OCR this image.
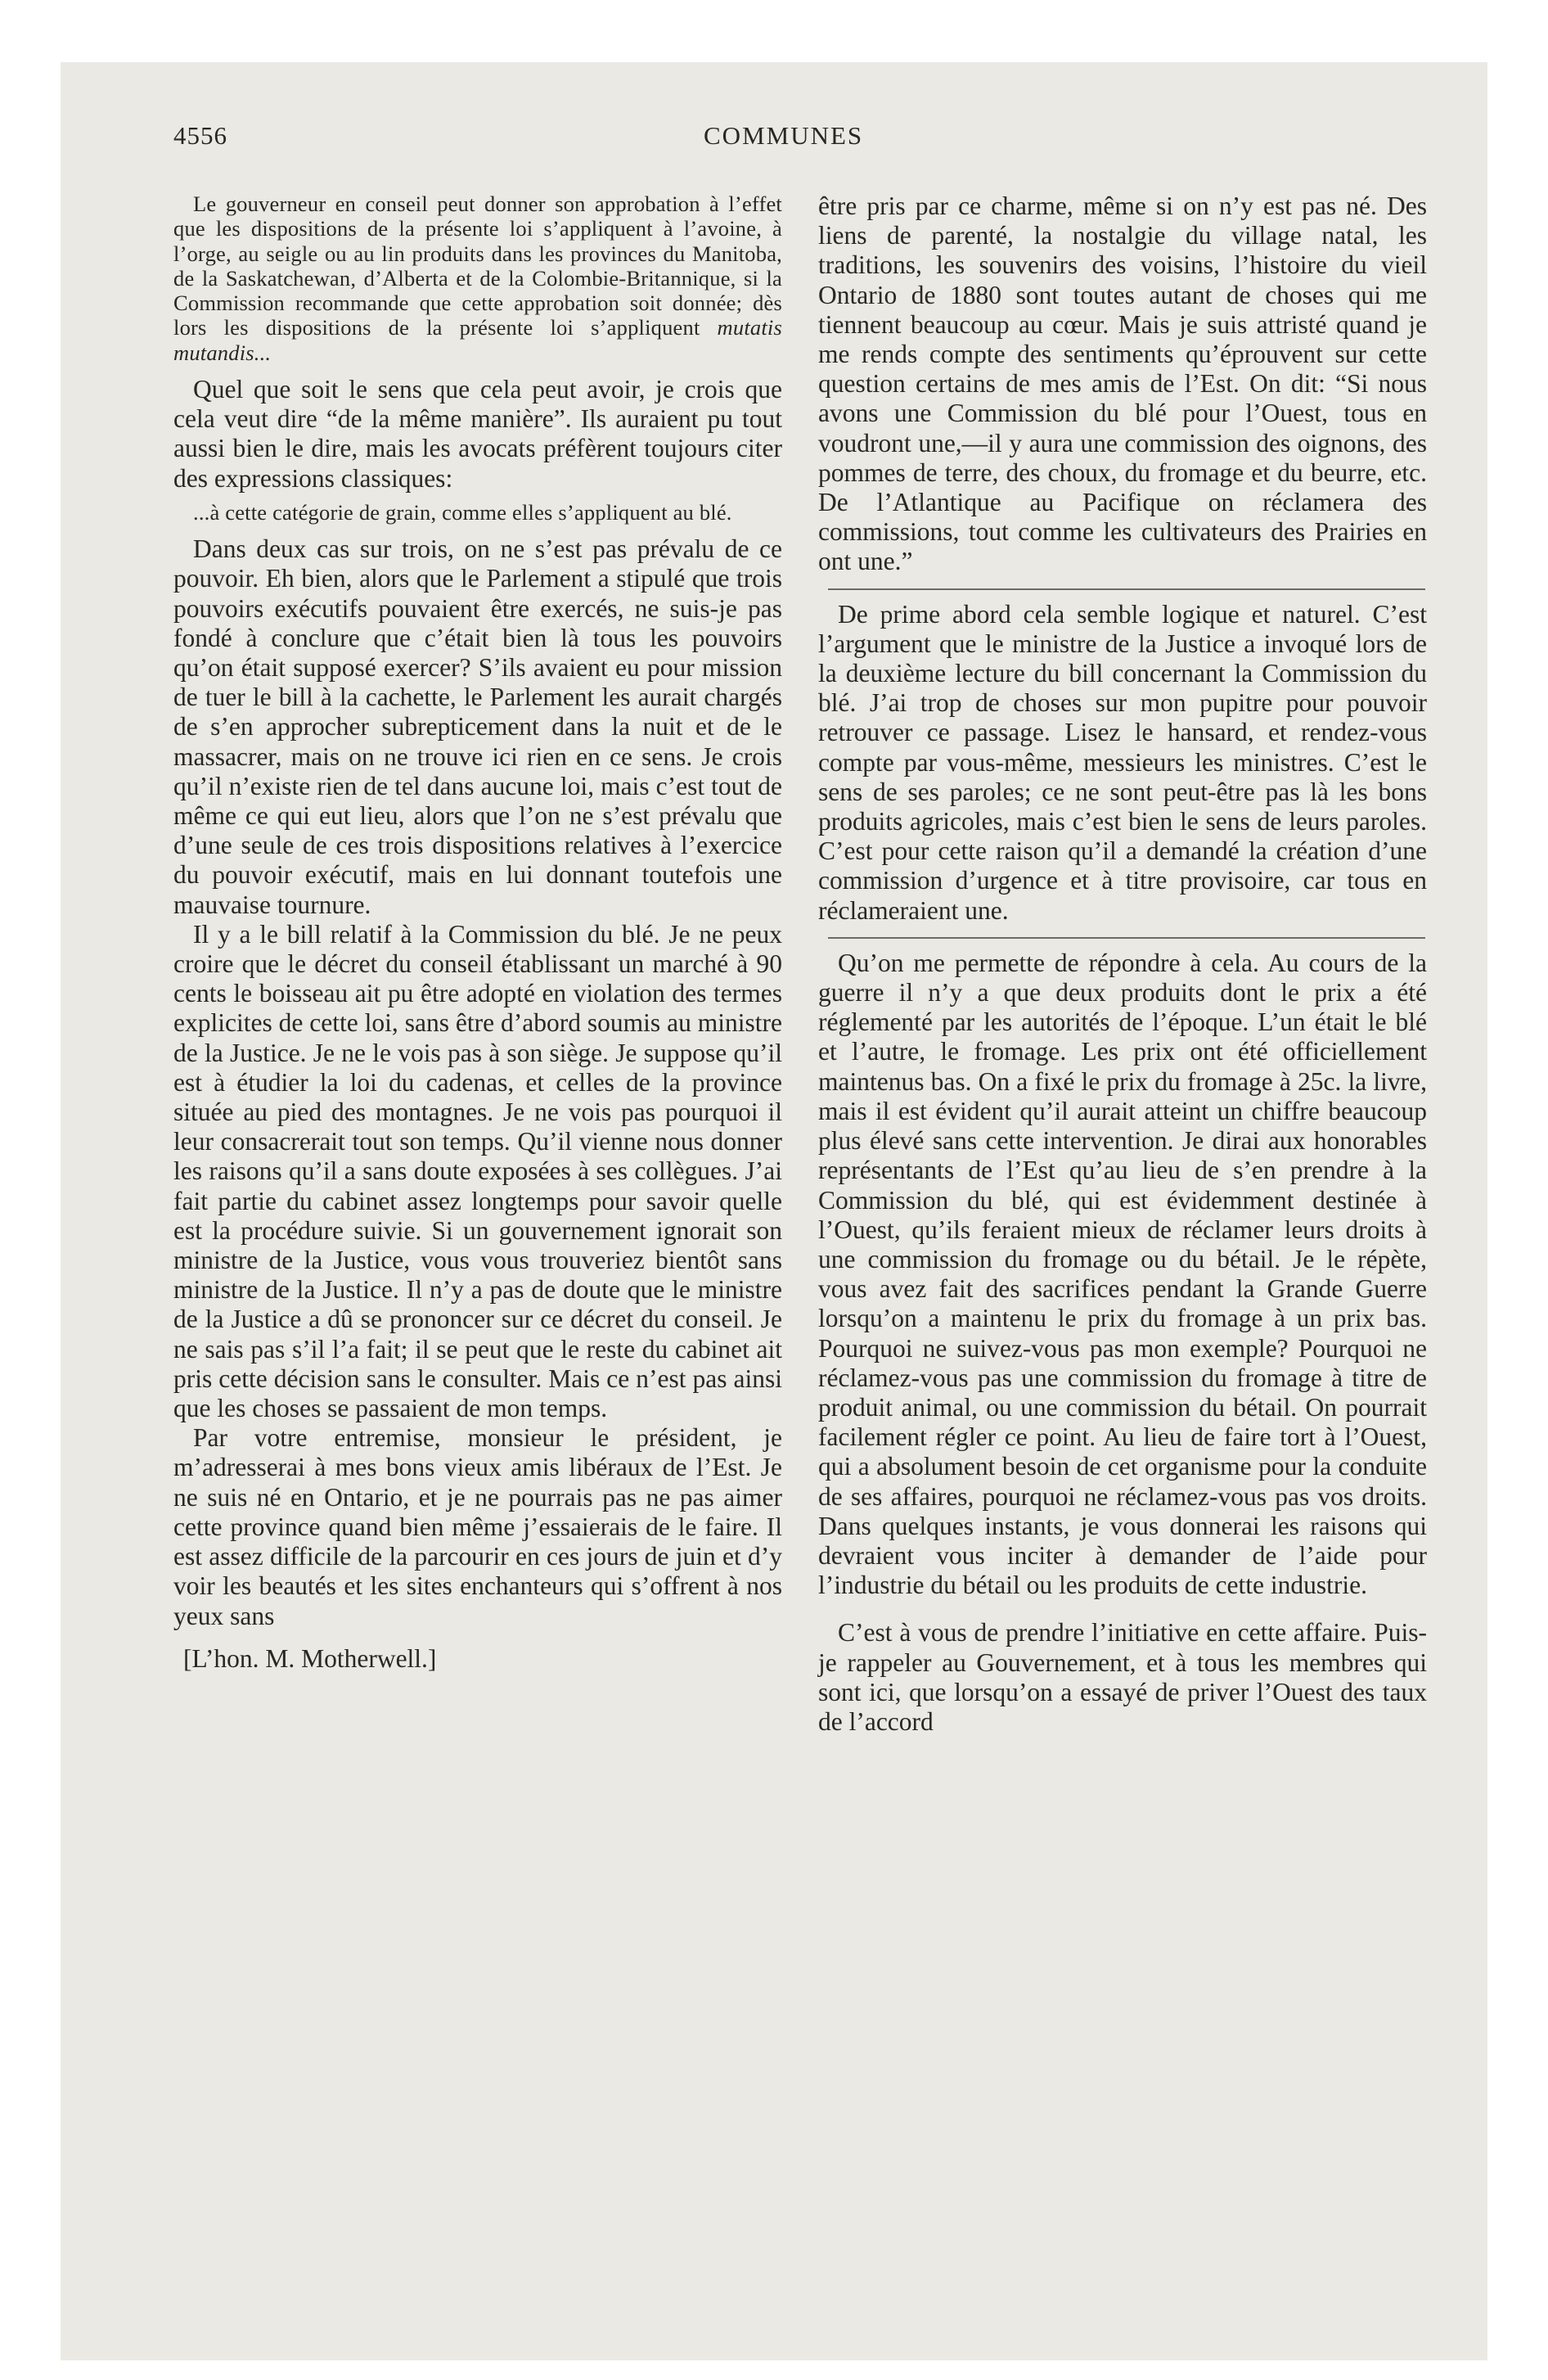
4556	COMMUNES

Le gouverneur en conseil peut donner son approbation à l’effet que les dispositions de la présente loi s’appliquent à l’avoine, à l’orge, au seigle ou au lin produits dans les provinces du Manitoba, de la Saskatchewan, d’Alberta et de la Colombie-Britannique, si la Commission recommande que cette approbation soit donnée; dès lors les dispositions de la présente loi s’appliquent mutatis mutandis...

Quel que soit le sens que cela peut avoir, je crois que cela veut dire “de la même manière”. Ils auraient pu tout aussi bien le dire, mais les avocats préfèrent toujours citer des expressions classiques:

...à cette catégorie de grain, comme elles s’appliquent au blé.

Dans deux cas sur trois, on ne s’est pas prévalu de ce pouvoir. Eh bien, alors que le Parlement a stipulé que trois pouvoirs exécutifs pouvaient être exercés, ne suis-je pas fondé à conclure que c’était bien là tous les pouvoirs qu’on était supposé exercer? S’ils avaient eu pour mission de tuer le bill à la cachette, le Parlement les aurait chargés de s’en approcher subrepticement dans la nuit et de le massacrer, mais on ne trouve ici rien en ce sens. Je crois qu’il n’existe rien de tel dans aucune loi, mais c’est tout de même ce qui eut lieu, alors que l’on ne s’est prévalu que d’une seule de ces trois dispositions relatives à l’exercice du pouvoir exécutif, mais en lui donnant toutefois une mauvaise tournure.

Il y a le bill relatif à la Commission du blé. Je ne peux croire que le décret du conseil établissant un marché à 90 cents le boisseau ait pu être adopté en violation des termes explicites de cette loi, sans être d’abord soumis au ministre de la Justice. Je ne le vois pas à son siège. Je suppose qu’il est à étudier la loi du cadenas, et celles de la province située au pied des montagnes. Je ne vois pas pourquoi il leur consacrerait tout son temps. Qu’il vienne nous donner les raisons qu’il a sans doute exposées à ses collègues. J’ai fait partie du cabinet assez longtemps pour savoir quelle est la procédure suivie. Si un gouvernement ignorait son ministre de la Justice, vous vous trouveriez bientôt sans ministre de la Justice. Il n’y a pas de doute que le ministre de la Justice a dû se prononcer sur ce décret du conseil. Je ne sais pas s’il l’a fait; il se peut que le reste du cabinet ait pris cette décision sans le consulter. Mais ce n’est pas ainsi que les choses se passaient de mon temps.

Par votre entremise, monsieur le président, je m’adresserai à mes bons vieux amis libéraux de l’Est. Je ne suis né en Ontario, et je ne pourrais pas ne pas aimer cette province quand bien même j’essaierais de le faire. Il est assez difficile de la parcourir en ces jours de juin et d’y voir les beautés et les sites enchanteurs qui s’offrent à nos yeux sans

[L’hon. M. Motherwell.]

être pris par ce charme, même si on n’y est pas né. Des liens de parenté, la nostalgie du village natal, les traditions, les souvenirs des voisins, l’histoire du vieil Ontario de 1880 sont toutes autant de choses qui me tiennent beaucoup au cœur. Mais je suis attristé quand je me rends compte des sentiments qu’éprouvent sur cette question certains de mes amis de l’Est. On dit: “Si nous avons une Commission du blé pour l’Ouest, tous en voudront une,—il y aura une commission des oignons, des pommes de terre, des choux, du fromage et du beurre, etc. De l’Atlantique au Pacifique on réclamera des commissions, tout comme les cultivateurs des Prairies en ont une.”

De prime abord cela semble logique et naturel. C’est l’argument que le ministre de la Justice a invoqué lors de la deuxième lecture du bill concernant la Commission du blé. J’ai trop de choses sur mon pupitre pour pouvoir retrouver ce passage. Lisez le hansard, et rendez-vous compte par vous-même, messieurs les ministres. C’est le sens de ses paroles; ce ne sont peut-être pas là les bons produits agricoles, mais c’est bien le sens de leurs paroles. C’est pour cette raison qu’il a demandé la création d’une commission d’urgence et à titre provisoire, car tous en réclameraient une.

Qu’on me permette de répondre à cela. Au cours de la guerre il n’y a que deux produits dont le prix a été réglementé par les autorités de l’époque. L’un était le blé et l’autre, le fromage. Les prix ont été officiellement maintenus bas. On a fixé le prix du fromage à 25c. la livre, mais il est évident qu’il aurait atteint un chiffre beaucoup plus élevé sans cette intervention. Je dirai aux honorables représentants de l’Est qu’au lieu de s’en prendre à la Commission du blé, qui est évidemment destinée à l’Ouest, qu’ils feraient mieux de réclamer leurs droits à une commission du fromage ou du bétail. Je le répète, vous avez fait des sacrifices pendant la Grande Guerre lorsqu’on a maintenu le prix du fromage à un prix bas. Pourquoi ne suivez-vous pas mon exemple? Pourquoi ne réclamez-vous pas une commission du fromage à titre de produit animal, ou une commission du bétail. On pourrait facilement régler ce point. Au lieu de faire tort à l’Ouest, qui a absolument besoin de cet organisme pour la conduite de ses affaires, pourquoi ne réclamez-vous pas vos droits. Dans quelques instants, je vous donnerai les raisons qui devraient vous inciter à demander de l’aide pour l’industrie du bétail ou les produits de cette industrie.

C’est à vous de prendre l’initiative en cette affaire. Puis-je rappeler au Gouvernement, et à tous les membres qui sont ici, que lorsqu’on a essayé de priver l’Ouest des taux de l’accord
